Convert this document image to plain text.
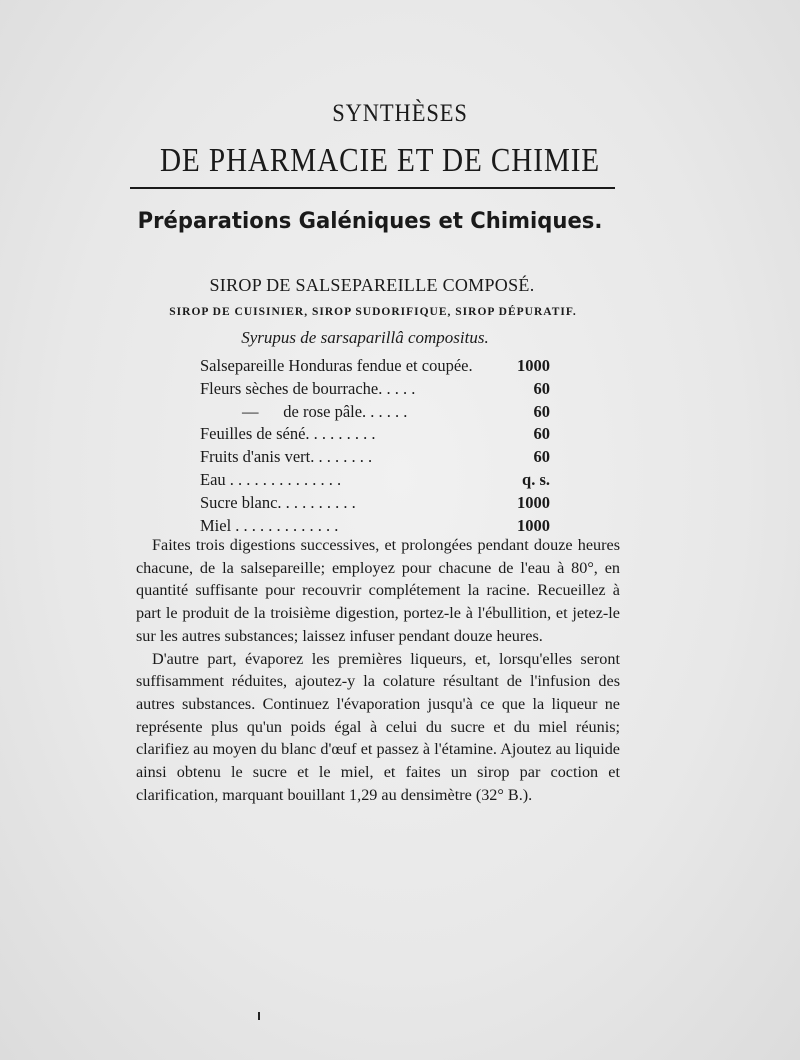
SYNTHÈSES
DE PHARMACIE ET DE CHIMIE
Préparations Galéniques et Chimiques.
SIROP DE SALSEPAREILLE COMPOSÉ.
SIROP DE CUISINIER, SIROP SUDORIFIQUE, SIROP DÉPURATIF.
Syrupus de sarsaparillâ compositus.
Salsepareille Honduras fendue et coupée.	1000
Fleurs sèches de bourrache. . . . .	60
—      de rose pâle. . . . . .	60
Feuilles de séné. . . . . . . . .	60
Fruits d'anis vert. . . . . . . .	60
Eau . . . . . . . . . . . . . .	q. s.
Sucre blanc. . . . . . . . . .	1000
Miel . . . . . . . . . . . . .	1000

Faites trois digestions successives, et prolongées pendant douze heures chacune, de la salsepareille; employez pour chacune de l'eau à 80°, en quantité suffisante pour recouvrir complétement la racine. Recueillez à part le produit de la troisième digestion, portez-le à l'ébullition, et jetez-le sur les autres substances; laissez infuser pendant douze heures.

D'autre part, évaporez les premières liqueurs, et, lorsqu'elles seront suffisamment réduites, ajoutez-y la colature résultant de l'infusion des autres substances. Continuez l'évaporation jusqu'à ce que la liqueur ne représente plus qu'un poids égal à celui du sucre et du miel réunis; clarifiez au moyen du blanc d'œuf et passez à l'étamine. Ajoutez au liquide ainsi obtenu le sucre et le miel, et faites un sirop par coction et clarification, marquant bouillant 1,29 au densimètre (32° B.).
